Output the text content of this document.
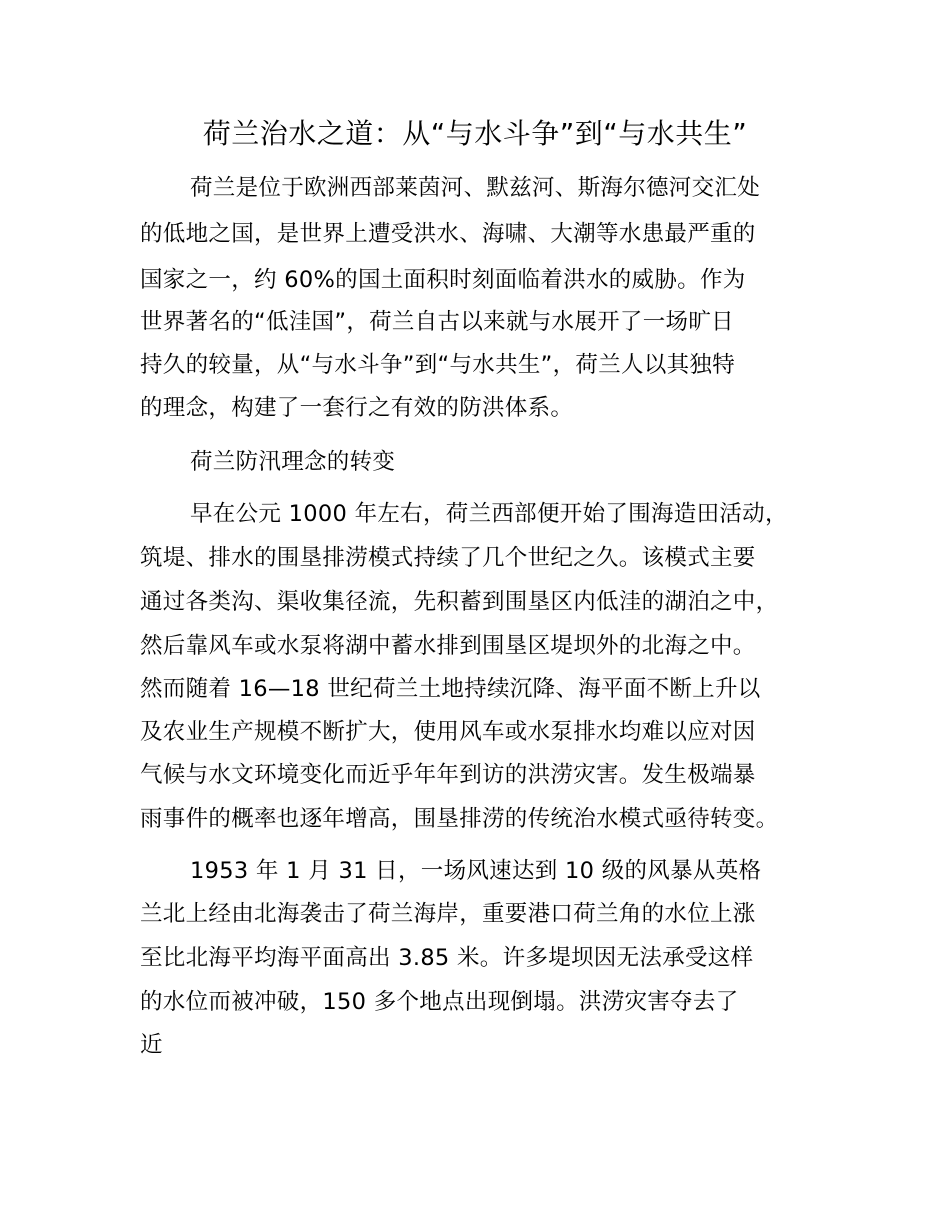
荷兰治水之道：从“与水斗争”到“与水共生”
荷兰是位于欧洲西部莱茵河、默兹河、斯海尔德河交汇处
的低地之国，是世界上遭受洪水、海啸、大潮等水患最严重的
国家之一，约 60%的国土面积时刻面临着洪水的威胁。作为
世界著名的“低洼国”，荷兰自古以来就与水展开了一场旷日
持久的较量，从“与水斗争”到“与水共生”，荷兰人以其独特
的理念，构建了一套行之有效的防洪体系。
荷兰防汛理念的转变
早在公元 1000 年左右，荷兰西部便开始了围海造田活动，
筑堤、排水的围垦排涝模式持续了几个世纪之久。该模式主要
通过各类沟、渠收集径流，先积蓄到围垦区内低洼的湖泊之中，
然后靠风车或水泵将湖中蓄水排到围垦区堤坝外的北海之中。
然而随着 16—18 世纪荷兰土地持续沉降、海平面不断上升以
及农业生产规模不断扩大，使用风车或水泵排水均难以应对因
气候与水文环境变化而近乎年年到访的洪涝灾害。发生极端暴
雨事件的概率也逐年增高，围垦排涝的传统治水模式亟待转变。
1953 年 1 月 31 日，一场风速达到 10 级的风暴从英格
兰北上经由北海袭击了荷兰海岸，重要港口荷兰角的水位上涨
至比北海平均海平面高出 3.85 米。许多堤坝因无法承受这样
的水位而被冲破，150 多个地点出现倒塌。洪涝灾害夺去了
近
